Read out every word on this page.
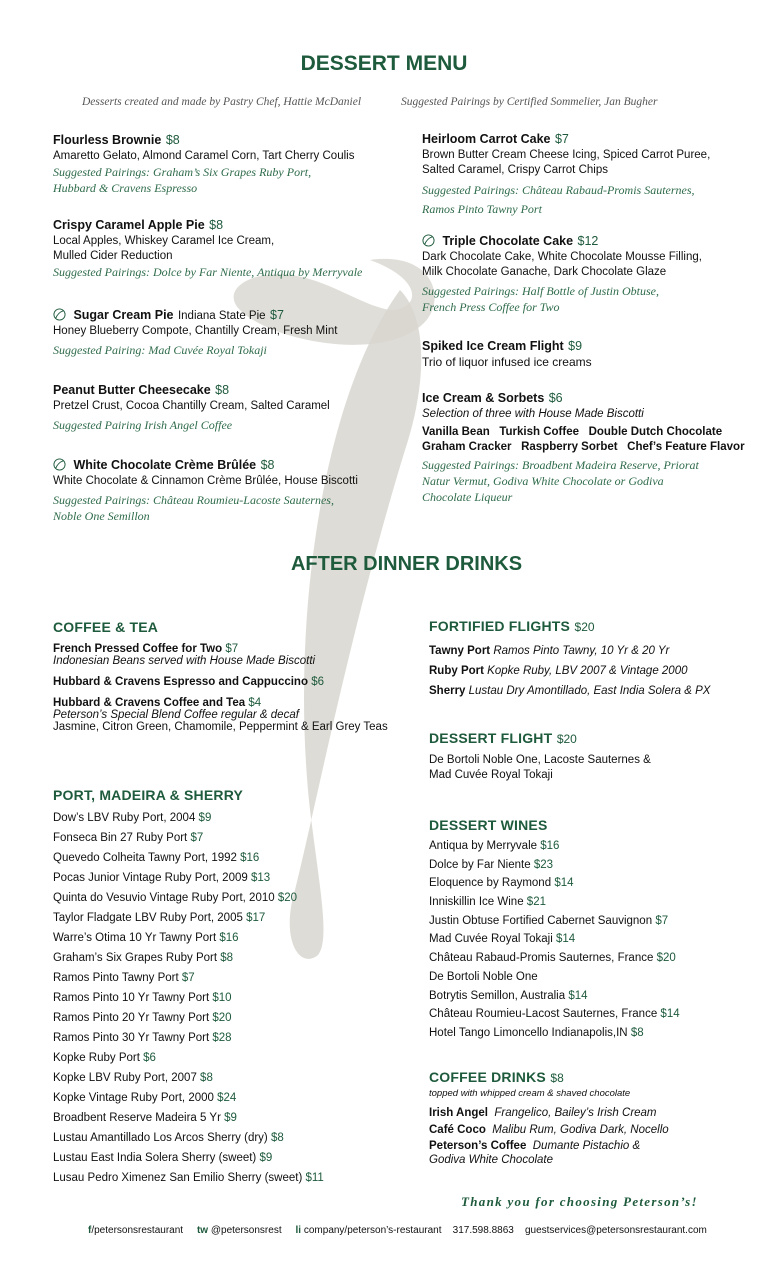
DESSERT MENU
Desserts created and made by Pastry Chef, Hattie McDaniel	Suggested Pairings by Certified Sommelier, Jan Bugher
Flourless Brownie $8
Amaretto Gelato, Almond Caramel Corn, Tart Cherry Coulis
Suggested Pairings: Graham’s Six Grapes Ruby Port,
Hubbard & Cravens Espresso
Crispy Caramel Apple Pie $8
Local Apples, Whiskey Caramel Ice Cream,
Mulled Cider Reduction
Suggested Pairings: Dolce by Far Niente, Antiqua by Merryvale
Sugar Cream Pie Indiana State Pie $7
Honey Blueberry Compote, Chantilly Cream, Fresh Mint
Suggested Pairing: Mad Cuvée Royal Tokaji
Peanut Butter Cheesecake $8
Pretzel Crust, Cocoa Chantilly Cream, Salted Caramel
Suggested Pairing Irish Angel Coffee
White Chocolate Crème Brûlée $8
White Chocolate & Cinnamon Crème Brûlée, House Biscotti
Suggested Pairings: Château Roumieu-Lacoste Sauternes,
Noble One Semillon
Heirloom Carrot Cake $7
Brown Butter Cream Cheese Icing, Spiced Carrot Puree,
Salted Caramel, Crispy Carrot Chips
Suggested Pairings: Château Rabaud-Promis Sauternes,
Ramos Pinto Tawny Port
Triple Chocolate Cake $12
Dark Chocolate Cake, White Chocolate Mousse Filling,
Milk Chocolate Ganache, Dark Chocolate Glaze
Suggested Pairings: Half Bottle of Justin Obtuse,
French Press Coffee for Two
Spiked Ice Cream Flight $9
Trio of liquor infused ice creams
Ice Cream & Sorbets $6
Selection of three with House Made Biscotti
Vanilla Bean   Turkish Coffee   Double Dutch Chocolate
Graham Cracker   Raspberry Sorbet   Chef’s Feature Flavor
Suggested Pairings: Broadbent Madeira Reserve, Priorat
Natur Vermut, Godiva White Chocolate or Godiva
Chocolate Liqueur
AFTER DINNER DRINKS
COFFEE & TEA
French Pressed Coffee for Two $7
Indonesian Beans served with House Made Biscotti
Hubbard & Cravens Espresso and Cappuccino $6
Hubbard & Cravens Coffee and Tea $4
Peterson’s Special Blend Coffee regular & decaf
Jasmine, Citron Green, Chamomile, Peppermint & Earl Grey Teas
PORT, MADEIRA & SHERRY
Dow’s LBV Ruby Port, 2004 $9
Fonseca Bin 27 Ruby Port $7
Quevedo Colheita Tawny Port, 1992 $16
Pocas Junior Vintage Ruby Port, 2009 $13
Quinta do Vesuvio Vintage Ruby Port, 2010 $20
Taylor Fladgate LBV Ruby Port, 2005 $17
Warre’s Otima 10 Yr Tawny Port $16
Graham’s Six Grapes Ruby Port $8
Ramos Pinto Tawny Port $7
Ramos Pinto 10 Yr Tawny Port $10
Ramos Pinto 20 Yr Tawny Port $20
Ramos Pinto 30 Yr Tawny Port $28
Kopke Ruby Port $6
Kopke LBV Ruby Port, 2007 $8
Kopke Vintage Ruby Port, 2000 $24
Broadbent Reserve Madeira 5 Yr $9
Lustau Amantillado Los Arcos Sherry (dry) $8
Lustau East India Solera Sherry (sweet) $9
Lusau Pedro Ximenez San Emilio Sherry (sweet) $11
FORTIFIED FLIGHTS $20
Tawny Port Ramos Pinto Tawny, 10 Yr & 20 Yr
Ruby Port Kopke Ruby, LBV 2007 & Vintage 2000
Sherry Lustau Dry Amontillado, East India Solera & PX
DESSERT FLIGHT $20
De Bortoli Noble One, Lacoste Sauternes &
Mad Cuvée Royal Tokaji
DESSERT WINES
Antiqua by Merryvale $16
Dolce by Far Niente $23
Eloquence by Raymond $14
Inniskillin Ice Wine $21
Justin Obtuse Fortified Cabernet Sauvignon $7
Mad Cuvée Royal Tokaji $14
Château Rabaud-Promis Sauternes, France $20
De Bortoli Noble One
Botrytis Semillon, Australia $14
Château Roumieu-Lacost Sauternes, France $14
Hotel Tango Limoncello Indianapolis,IN $8
COFFEE DRINKS $8
topped with whipped cream & shaved chocolate
Irish Angel Frangelico, Bailey’s Irish Cream
Café Coco Malibu Rum, Godiva Dark, Nocello
Peterson’s Coffee Dumante Pistachio &
Godiva White Chocolate
Thank you for choosing Peterson’s!
f/petersonsrestaurant tw @petersonsrest li company/peterson’s-restaurant 317.598.8863 guestservices@petersonsrestaurant.com
